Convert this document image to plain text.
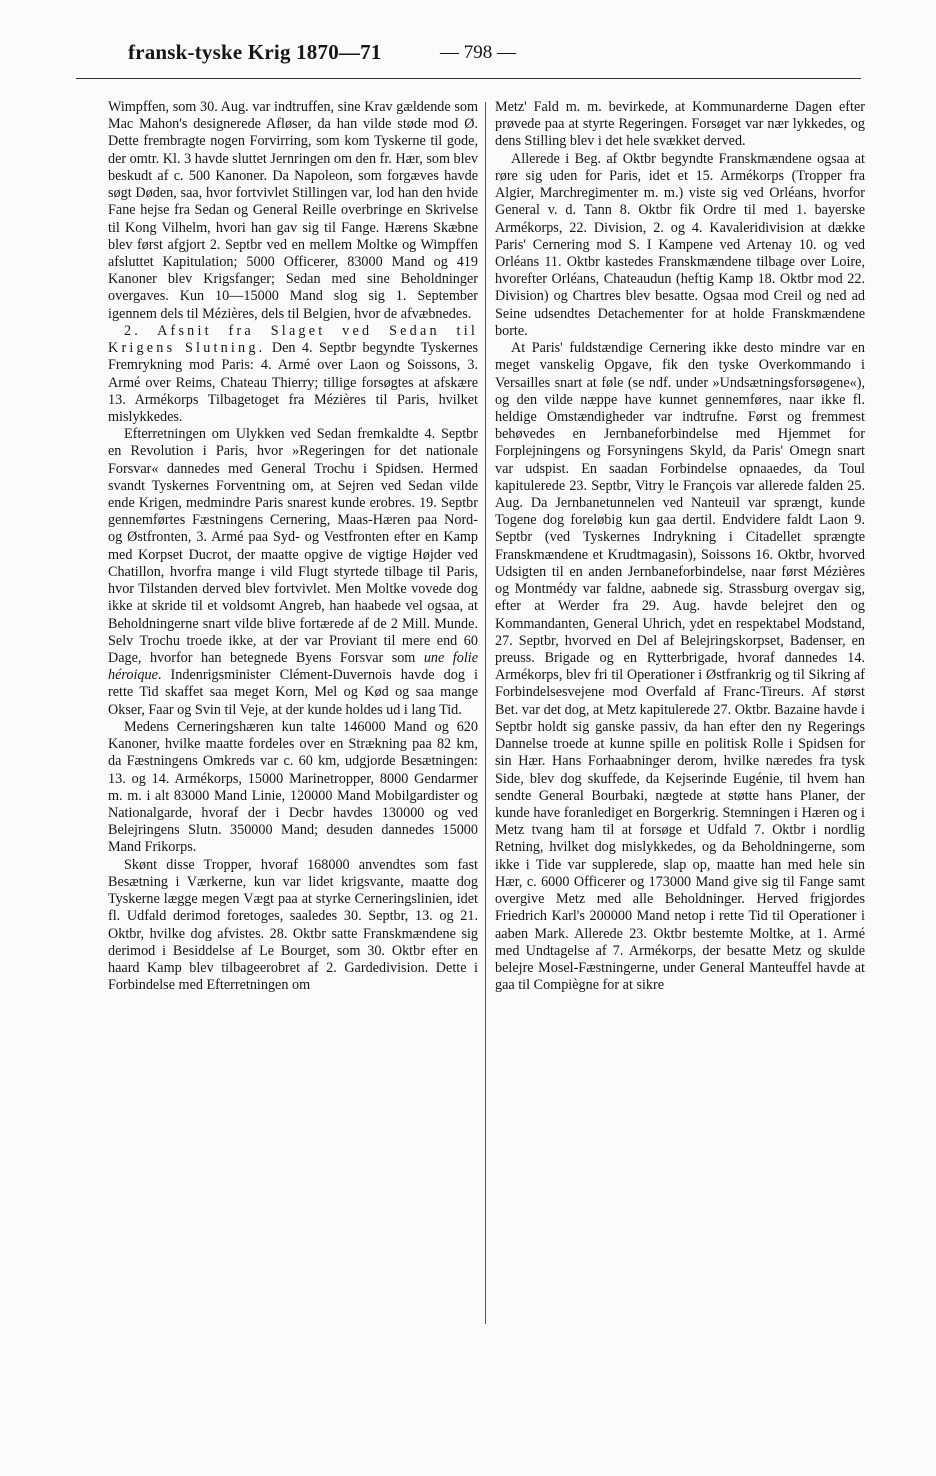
fransk-tyske Krig 1870—71	— 798 —

Wimpffen, som 30. Aug. var indtruffen, sine Krav gældende som Mac Mahon's designerede Afløser, da han vilde støde mod Ø. Dette frembragte nogen Forvirring, som kom Tyskerne til gode, der omtr. Kl. 3 havde sluttet Jernringen om den fr. Hær, som blev beskudt af c. 500 Kanoner. Da Napoleon, som forgæves havde søgt Døden, saa, hvor fortvivlet Stillingen var, lod han den hvide Fane hejse fra Sedan og General Reille overbringe en Skrivelse til Kong Vilhelm, hvori han gav sig til Fange. Hærens Skæbne blev først afgjort 2. Septbr ved en mellem Moltke og Wimpffen afsluttet Kapitulation; 5000 Officerer, 83000 Mand og 419 Kanoner blev Krigsfanger; Sedan med sine Beholdninger overgaves. Kun 10—15000 Mand slog sig 1. September igennem dels til Mézières, dels til Belgien, hvor de afvæbnedes.

2. Afsnit fra Slaget ved Sedan til Krigens Slutning. Den 4. Septbr begyndte Tyskernes Fremrykning mod Paris: 4. Armé over Laon og Soissons, 3. Armé over Reims, Chateau Thierry; tillige forsøgtes at afskære 13. Armékorps Tilbagetoget fra Mézières til Paris, hvilket mislykkedes.

Efterretningen om Ulykken ved Sedan fremkaldte 4. Septbr en Revolution i Paris, hvor »Regeringen for det nationale Forsvar« dannedes med General Trochu i Spidsen. Hermed svandt Tyskernes Forventning om, at Sejren ved Sedan vilde ende Krigen, medmindre Paris snarest kunde erobres. 19. Septbr gennemførtes Fæstningens Cernering, Maas-Hæren paa Nord- og Østfronten, 3. Armé paa Syd- og Vestfronten efter en Kamp med Korpset Ducrot, der maatte opgive de vigtige Højder ved Chatillon, hvorfra mange i vild Flugt styrtede tilbage til Paris, hvor Tilstanden derved blev fortvivlet. Men Moltke vovede dog ikke at skride til et voldsomt Angreb, han haabede vel ogsaa, at Beholdningerne snart vilde blive fortærede af de 2 Mill. Munde. Selv Trochu troede ikke, at der var Proviant til mere end 60 Dage, hvorfor han betegnede Byens Forsvar som une folie héroique. Indenrigsminister Clément-Duvernois havde dog i rette Tid skaffet saa meget Korn, Mel og Kød og saa mange Okser, Faar og Svin til Veje, at der kunde holdes ud i lang Tid.

Medens Cerneringshæren kun talte 146000 Mand og 620 Kanoner, hvilke maatte fordeles over en Strækning paa 82 km, da Fæstningens Omkreds var c. 60 km, udgjorde Besætningen: 13. og 14. Armékorps, 15000 Marinetropper, 8000 Gendarmer m. m. i alt 83000 Mand Linie, 120000 Mand Mobilgardister og Nationalgarde, hvoraf der i Decbr havdes 130000 og ved Belejringens Slutn. 350000 Mand; desuden dannedes 15000 Mand Frikorps.

Skønt disse Tropper, hvoraf 168000 anvendtes som fast Besætning i Værkerne, kun var lidet krigsvante, maatte dog Tyskerne lægge megen Vægt paa at styrke Cerneringslinien, idet fl. Udfald derimod foretoges, saaledes 30. Septbr, 13. og 21. Oktbr, hvilke dog afvistes. 28. Oktbr satte Franskmændene sig derimod i Besiddelse af Le Bourget, som 30. Oktbr efter en haard Kamp blev tilbageerobret af 2. Gardedivision. Dette i Forbindelse med Efterretningen om

Metz' Fald m. m. bevirkede, at Kommunarderne Dagen efter prøvede paa at styrte Regeringen. Forsøget var nær lykkedes, og dens Stilling blev i det hele svækket derved.

Allerede i Beg. af Oktbr begyndte Franskmændene ogsaa at røre sig uden for Paris, idet et 15. Armékorps (Tropper fra Algier, Marchregimenter m. m.) viste sig ved Orléans, hvorfor General v. d. Tann 8. Oktbr fik Ordre til med 1. bayerske Armékorps, 22. Division, 2. og 4. Kavaleridivision at dække Paris' Cernering mod S. I Kampene ved Artenay 10. og ved Orléans 11. Oktbr kastedes Franskmændene tilbage over Loire, hvorefter Orléans, Chateaudun (heftig Kamp 18. Oktbr mod 22. Division) og Chartres blev besatte. Ogsaa mod Creil og ned ad Seine udsendtes Detachementer for at holde Franskmændene borte.

At Paris' fuldstændige Cernering ikke desto mindre var en meget vanskelig Opgave, fik den tyske Overkommando i Versailles snart at føle (se ndf. under »Undsætningsforsøgene«), og den vilde næppe have kunnet gennemføres, naar ikke fl. heldige Omstændigheder var indtrufne. Først og fremmest behøvedes en Jernbaneforbindelse med Hjemmet for Forplejningens og Forsyningens Skyld, da Paris' Omegn snart var udspist. En saadan Forbindelse opnaaedes, da Toul kapitulerede 23. Septbr, Vitry le François var allerede falden 25. Aug. Da Jernbanetunnelen ved Nanteuil var sprængt, kunde Togene dog foreløbig kun gaa dertil. Endvidere faldt Laon 9. Septbr (ved Tyskernes Indrykning i Citadellet sprængte Franskmændene et Krudtmagasin), Soissons 16. Oktbr, hvorved Udsigten til en anden Jernbaneforbindelse, naar først Mézières og Montmédy var faldne, aabnede sig. Strassburg overgav sig, efter at Werder fra 29. Aug. havde belejret den og Kommandanten, General Uhrich, ydet en respektabel Modstand, 27. Septbr, hvorved en Del af Belejringskorpset, Badenser, en preuss. Brigade og en Rytterbrigade, hvoraf dannedes 14. Armékorps, blev fri til Operationer i Østfrankrig og til Sikring af Forbindelsesvejene mod Overfald af Franc-Tireurs. Af størst Bet. var det dog, at Metz kapitulerede 27. Oktbr. Bazaine havde i Septbr holdt sig ganske passiv, da han efter den ny Regerings Dannelse troede at kunne spille en politisk Rolle i Spidsen for sin Hær. Hans Forhaabninger derom, hvilke næredes fra tysk Side, blev dog skuffede, da Kejserinde Eugénie, til hvem han sendte General Bourbaki, nægtede at støtte hans Planer, der kunde have foranlediget en Borgerkrig. Stemningen i Hæren og i Metz tvang ham til at forsøge et Udfald 7. Oktbr i nordlig Retning, hvilket dog mislykkedes, og da Beholdningerne, som ikke i Tide var supplerede, slap op, maatte han med hele sin Hær, c. 6000 Officerer og 173000 Mand give sig til Fange samt overgive Metz med alle Beholdninger. Herved frigjordes Friedrich Karl's 200000 Mand netop i rette Tid til Operationer i aaben Mark. Allerede 23. Oktbr bestemte Moltke, at 1. Armé med Undtagelse af 7. Armékorps, der besatte Metz og skulde belejre Mosel-Fæstningerne, under General Manteuffel havde at gaa til Compiègne for at sikre
